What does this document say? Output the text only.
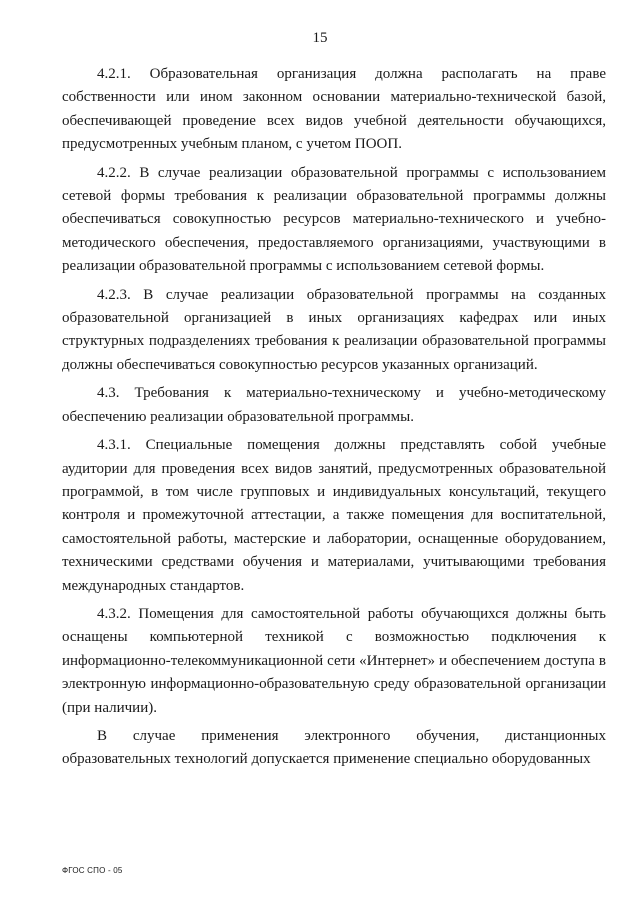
15

4.2.1. Образовательная организация должна располагать на праве собственности или ином законном основании материально-технической базой, обеспечивающей проведение всех видов учебной деятельности обучающихся, предусмотренных учебным планом, с учетом ПООП.

4.2.2. В случае реализации образовательной программы с использованием сетевой формы требования к реализации образовательной программы должны обеспечиваться совокупностью ресурсов материально-технического и учебно-методического обеспечения, предоставляемого организациями, участвующими в реализации образовательной программы с использованием сетевой формы.

4.2.3. В случае реализации образовательной программы на созданных образовательной организацией в иных организациях кафедрах или иных структурных подразделениях требования к реализации образовательной программы должны обеспечиваться совокупностью ресурсов указанных организаций.

4.3. Требования к материально-техническому и учебно-методическому обеспечению реализации образовательной программы.

4.3.1. Специальные помещения должны представлять собой учебные аудитории для проведения всех видов занятий, предусмотренных образовательной программой, в том числе групповых и индивидуальных консультаций, текущего контроля и промежуточной аттестации, а также помещения для воспитательной, самостоятельной работы, мастерские и лаборатории, оснащенные оборудованием, техническими средствами обучения и материалами, учитывающими требования международных стандартов.

4.3.2. Помещения для самостоятельной работы обучающихся должны быть оснащены компьютерной техникой с возможностью подключения к информационно-телекоммуникационной сети «Интернет» и обеспечением доступа в электронную информационно-образовательную среду образовательной организации (при наличии).

В случае применения электронного обучения, дистанционных образовательных технологий допускается применение специально оборудованных

ФГОС СПО - 05
